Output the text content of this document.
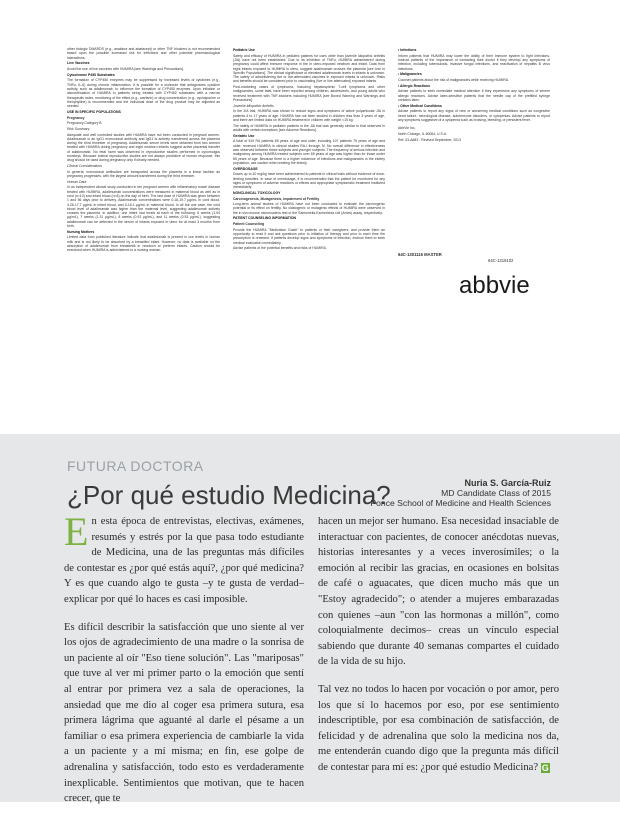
other biologic DMARDS (e.g., anakinra and abatacept) or other TNF blockers is not recommended based upon the possible increased risk for infections and other potential pharmacological interactions.

Live Vaccines

Avoid the use of live vaccines with HUMIRA [see Warnings and Precautions].

Cytochrome P450 Substrates

The formation of CYP450 enzymes may be suppressed by increased levels of cytokines (e.g., TNFα, IL-6) during chronic inflammation. It is possible for a molecule that antagonizes cytokine activity, such as adalimumab, to influence the formation of CYP450 enzymes. Upon initiation or discontinuation of HUMIRA in patients being treated with CYP450 substrates with a narrow therapeutic index, monitoring of the effect (e.g., warfarin) or drug concentration (e.g., cyclosporine or theophylline) is recommended and the individual dose of the drug product may be adjusted as needed.

USE IN SPECIFIC POPULATIONS

Pregnancy

Pregnancy Category B

Risk Summary

Adequate and well controlled studies with HUMIRA have not been conducted in pregnant women. Adalimumab is an IgG1 monoclonal antibody and IgG1 is actively transferred across the placenta during the third trimester of pregnancy. Adalimumab serum levels were obtained from two women treated with HUMIRA during pregnancy and eight newborn infants suggest active placental transfer of adalimumab. No fetal harm was observed in reproductive studies performed in cynomolgus monkeys. Because animal reproductive studies are not always predictive of human response, this drug should be used during pregnancy only if clearly needed.

Clinical Considerations

In general, monoclonal antibodies are transported across the placenta in a linear fashion as pregnancy progresses, with the largest amount transferred during the third trimester.

Human Data

In an independent clinical study conducted in ten pregnant women with inflammatory bowel disease treated with HUMIRA, adalimumab concentrations were measured in maternal blood as well as in cord (n=10) and infant blood (n=8) on the day of birth. The last dose of HUMIRA was given between 1 and 56 days prior to delivery. Adalimumab concentrations were 0.16-19.7 µg/mL in cord blood, 4.28-17.7 µg/mL in infant blood, and 0-16.1 µg/mL in maternal blood. In all but one case, the cord blood level of adalimumab was higher than the maternal level, suggesting adalimumab actively crosses the placenta. In addition, one infant had levels at each of the following: 6 weeks (1.94 µg/mL), 7 weeks (1.31 µg/mL), 8 weeks (0.93 µg/mL), and 11 weeks (0.53 µg/mL), suggesting adalimumab can be detected in the serum of infants exposed in utero for at least 3 months from birth.

Nursing Mothers

Limited data from published literature indicate that adalimumab is present in low levels in human milk and is not likely to be absorbed by a breastfed infant. However, no data is available on the absorption of adalimumab from breastmilk in newborn or preterm infants. Caution should be exercised when HUMIRA is administered to a nursing woman.

Pediatric Use

Safety and efficacy of HUMIRA in pediatric patients for uses other than juvenile idiopathic arthritis (JIA) have not been established. Due to its inhibition of TNFα, HUMIRA administered during pregnancy could affect immune response in the in utero-exposed newborn and infant. Data from eight infants exposed to HUMIRA in utero, suggest adalimumab crosses the placenta [see Use in Specific Populations]. The clinical significance of elevated adalimumab levels in infants is unknown. The safety of administering live or live-attenuated vaccines in exposed infants is unknown. Risks and benefits should be considered prior to vaccinating (live or live-attenuated) exposed infants.

Post-marketing cases of lymphoma, including hepatosplenic T-cell lymphoma and other malignancies, some fatal, have been reported among children, adolescents, and young adults who received treatment with TNF-blockers including HUMIRA [see Boxed Warning and Warnings and Precautions].

Juvenile Idiopathic Arthritis

In the JIA trial, HUMIRA was shown to reduce signs and symptoms of active polyarticular JIA in patients 4 to 17 years of age. HUMIRA has not been studied in children less than 4 years of age, and there are limited data on HUMIRA treatment in children with weight <15 kg.

The safety of HUMIRA in pediatric patients in the JIA trial was generally similar to that observed in adults with certain exceptions [see Adverse Reactions].

Geriatric Use

A total of 519 RA patients 65 years of age and older, including 107 patients 75 years of age and older, received HUMIRA in clinical studies RA-I through IV. No overall difference in effectiveness was observed between these subjects and younger subjects. The frequency of serious infection and malignancy among HUMIRA treated subjects over 65 years of age was higher than for those under 65 years of age. Because there is a higher incidence of infections and malignancies in the elderly population, use caution when treating the elderly.

OVERDOSAGE

Doses up to 10 mg/kg have been administered to patients in clinical trials without evidence of dose-limiting toxicities. In case of overdosage, it is recommended that the patient be monitored for any signs or symptoms of adverse reactions or effects and appropriate symptomatic treatment instituted immediately.

NONCLINICAL TOXICOLOGY

Carcinogenesis, Mutagenesis, Impairment of Fertility

Long-term animal studies of HUMIRA have not been conducted to evaluate the carcinogenic potential or its effect on fertility. No clastogenic or mutagenic effects of HUMIRA were observed in the in vivo mouse micronucleus test or the Salmonella-Escherichia coli (Ames) assay, respectively.

PATIENT COUNSELING INFORMATION

Patient Counseling

Provide the HUMIRA "Medication Guide" to patients or their caregivers, and provide them an opportunity to read it and ask questions prior to initiation of therapy and prior to each time the prescription is renewed. If patients develop signs and symptoms of infection, instruct them to seek medical evaluation immediately.

Advise patients of the potential benefits and risks of HUMIRA.

• Infections

Inform patients that HUMIRA may lower the ability of their immune system to fight infections. Instruct patients of the importance of contacting their doctor if they develop any symptoms of infection, including tuberculosis, invasive fungal infections, and reactivation of hepatitis B virus infections.

• Malignancies

Counsel patients about the risk of malignancies while receiving HUMIRA.

• Allergic Reactions

Advise patients to seek immediate medical attention if they experience any symptoms of severe allergic reactions. Advise latex-sensitive patients that the needle cap of the prefilled syringe contains latex.

• Other Medical Conditions

Advise patients to report any signs of new or worsening medical conditions such as congestive heart failure, neurological disease, autoimmune disorders, or cytopenias. Advise patients to report any symptoms suggestive of a cytopenia such as bruising, bleeding, or persistent fever.

AbbVie Inc.

North Chicago, IL 60064, U.S.A.

Ref: 03-A883 - Revised September, 2013

64C-1301116 MASTER
64C-1318102
abbvie
FUTURA DOCTORA
¿Por qué estudio Medicina?	Nuria S. García-Ruiz
MD Candidate Class of 2015
Ponce School of Medicine and Health Sciences

En esta época de entrevistas, electivas, exámenes, resumés y estrés por la que pasa todo estudiante de Medicina, una de las preguntas más difíciles de contestar es ¿por qué estás aquí?, ¿por qué medicina? Y es que cuando algo te gusta –y te gusta de verdad– explicar por qué lo haces es casi imposible.

Es difícil describir la satisfacción que uno siente al ver los ojos de agradecimiento de una madre o la sonrisa de un paciente al oír "Eso tiene solución". Las "mariposas" que tuve al ver mi primer parto o la emoción que sentí al entrar por primera vez a sala de operaciones, la ansiedad que me dio al coger esa primera sutura, esa primera lágrima que aguanté al darle el pésame a un familiar o esa primera experiencia de cambiarle la vida a un paciente y a mí misma; en fin, ese golpe de adrenalina y satisfacción, todo esto es verdaderamente inexplicable. Sentimientos que motivan, que te hacen crecer, que te

hacen un mejor ser humano. Esa necesidad insaciable de interactuar con pacientes, de conocer anécdotas nuevas, historias interesantes y a veces inverosímiles; o la emoción al recibir las gracias, en ocasiones en bolsitas de café o aguacates, que dicen mucho más que un "Estoy agradecido"; o atender a mujeres embarazadas con quienes –aun "con las hormonas a millón", como coloquialmente decimos– creas un vínculo especial sabiendo que durante 40 semanas compartes el cuidado de la vida de su hijo.

Tal vez no todos lo hacen por vocación o por amor, pero los que sí lo hacemos por eso, por ese sentimiento indescriptible, por esa combinación de satisfacción, de felicidad y de adrenalina que solo la medicina nos da, me entenderán cuando digo que la pregunta más difícil de contestar para mí es: ¿por qué estudio Medicina? G
